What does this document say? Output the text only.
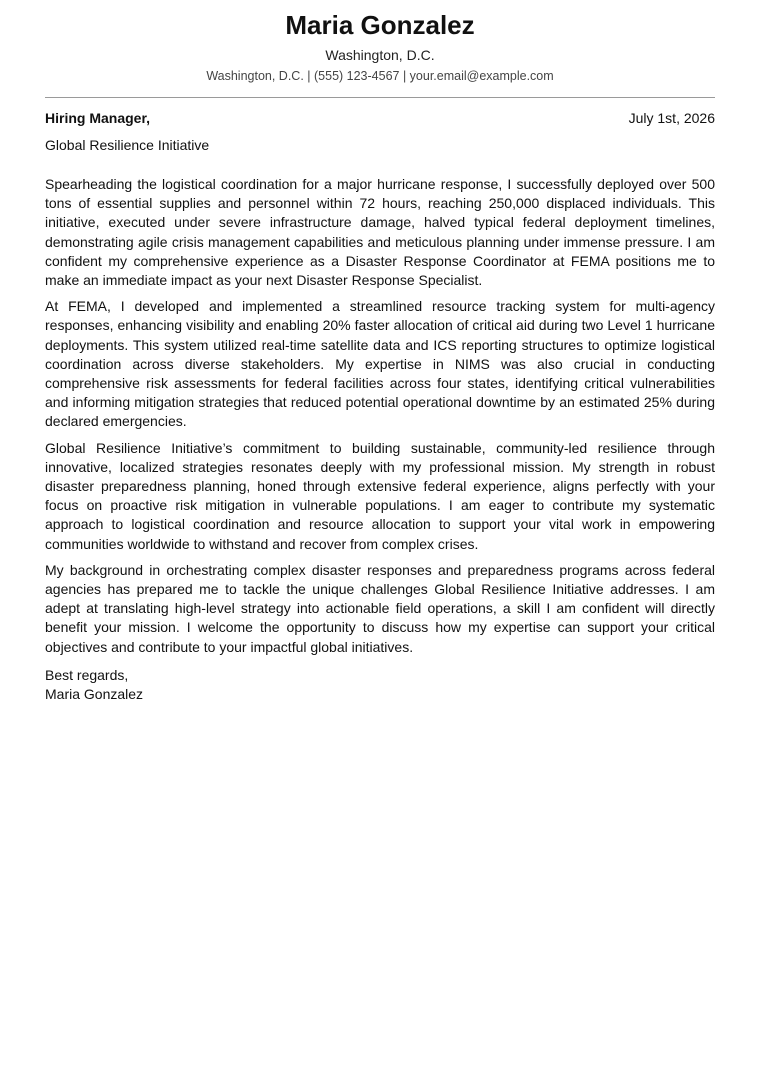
Maria Gonzalez
Washington, D.C.
Washington, D.C. | (555) 123-4567 | your.email@example.com
Hiring Manager,	July 1st, 2026
Global Resilience Initiative

Spearheading the logistical coordination for a major hurricane response, I successfully deployed over 500 tons of essential supplies and personnel within 72 hours, reaching 250,000 displaced individuals. This initiative, executed under severe infrastructure damage, halved typical federal deployment timelines, demonstrating agile crisis management capabilities and meticulous planning under immense pressure. I am confident my comprehensive experience as a Disaster Response Coordinator at FEMA positions me to make an immediate impact as your next Disaster Response Specialist.

At FEMA, I developed and implemented a streamlined resource tracking system for multi-agency responses, enhancing visibility and enabling 20% faster allocation of critical aid during two Level 1 hurricane deployments. This system utilized real-time satellite data and ICS reporting structures to optimize logistical coordination across diverse stakeholders. My expertise in NIMS was also crucial in conducting comprehensive risk assessments for federal facilities across four states, identifying critical vulnerabilities and informing mitigation strategies that reduced potential operational downtime by an estimated 25% during declared emergencies.

Global Resilience Initiative’s commitment to building sustainable, community-led resilience through innovative, localized strategies resonates deeply with my professional mission. My strength in robust disaster preparedness planning, honed through extensive federal experience, aligns perfectly with your focus on proactive risk mitigation in vulnerable populations. I am eager to contribute my systematic approach to logistical coordination and resource allocation to support your vital work in empowering communities worldwide to withstand and recover from complex crises.

My background in orchestrating complex disaster responses and preparedness programs across federal agencies has prepared me to tackle the unique challenges Global Resilience Initiative addresses. I am adept at translating high-level strategy into actionable field operations, a skill I am confident will directly benefit your mission. I welcome the opportunity to discuss how my expertise can support your critical objectives and contribute to your impactful global initiatives.

Best regards,
Maria Gonzalez
